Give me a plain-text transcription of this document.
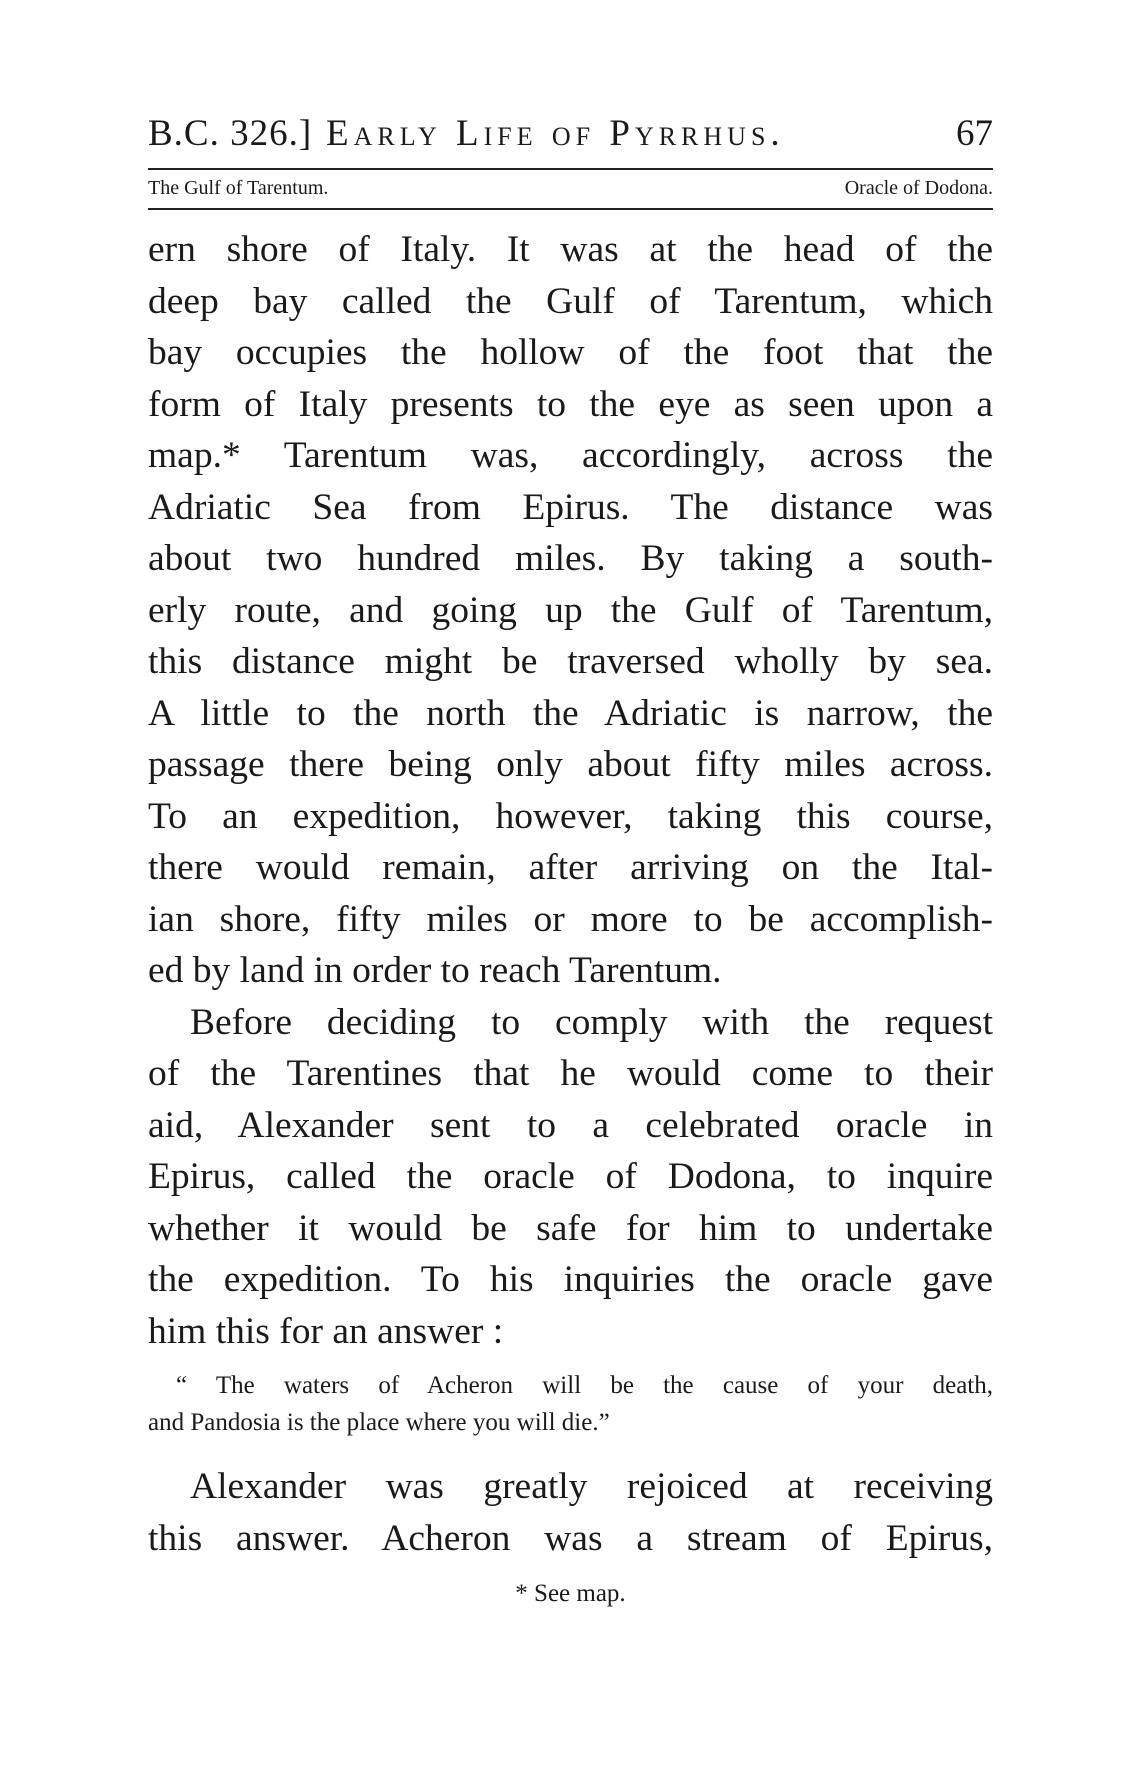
B.C. 326.] Early Life of Pyrrhus.	67
The Gulf of Tarentum.	Oracle of Dodona.
ern shore of Italy. It was at the head of the
deep bay called the Gulf of Tarentum, which
bay occupies the hollow of the foot that the
form of Italy presents to the eye as seen upon a
map.* Tarentum was, accordingly, across the
Adriatic Sea from Epirus. The distance was
about two hundred miles. By taking a south-
erly route, and going up the Gulf of Tarentum,
this distance might be traversed wholly by sea.
A little to the north the Adriatic is narrow, the
passage there being only about fifty miles across.
To an expedition, however, taking this course,
there would remain, after arriving on the Ital-
ian shore, fifty miles or more to be accomplish-
ed by land in order to reach Tarentum.
Before deciding to comply with the request
of the Tarentines that he would come to their
aid, Alexander sent to a celebrated oracle in
Epirus, called the oracle of Dodona, to inquire
whether it would be safe for him to undertake
the expedition. To his inquiries the oracle gave
him this for an answer :
“ The waters of Acheron will be the cause of your death,
and Pandosia is the place where you will die.”
Alexander was greatly rejoiced at receiving
this answer. Acheron was a stream of Epirus,
* See map.
